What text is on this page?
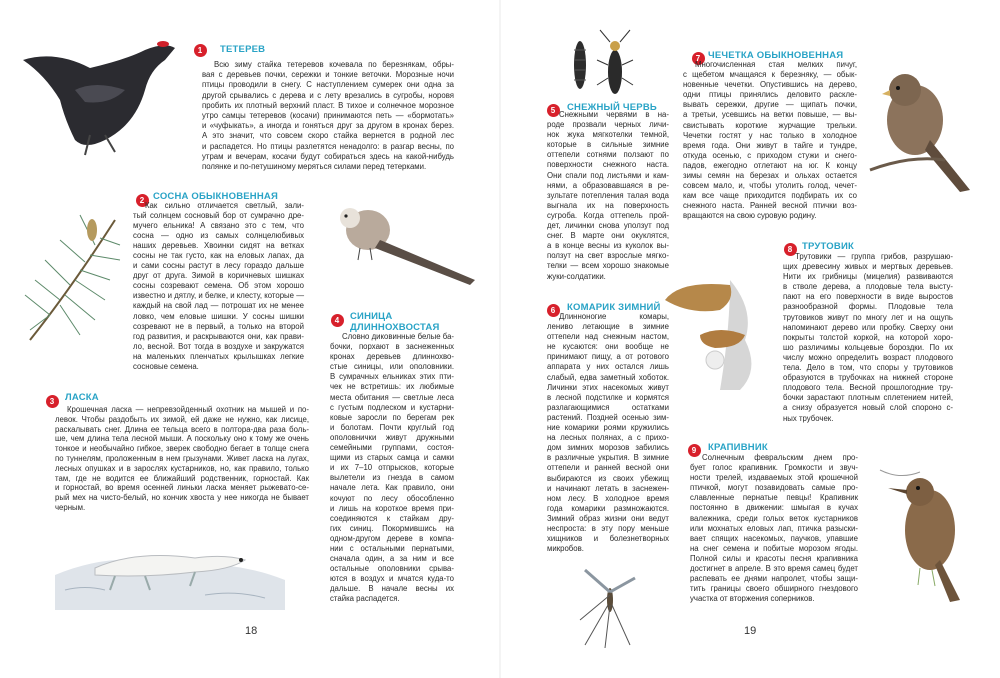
1	ТЕТЕРЕВ
Всю зиму стайка тетеревов кочевала по березнякам, обры-
вая с деревьев почки, сережки и тонкие веточки. Морозные ночи
птицы проводили в снегу. С наступлением сумерек они одна за
другой срывались с дерева и с лету врезались в сугробы, норовя
пробить их плотный верхний пласт. В тихое и солнечное морозное
утро самцы тетеревов (косачи) принимаются петь — «бормотать»
и «чуфыкать», а иногда и гоняться друг за другом в кронах берез.
А это значит, что совсем скоро стайка вернется в родной лес
и распадется. Но птицы разлетятся ненадолго: в разгар весны, по
утрам и вечерам, косачи будут собираться здесь на какой-нибудь
полянке и по-петушиному меряться силами перед тетерками.
2 СОСНА ОБЫКНОВЕННАЯ
Как сильно отличается светлый, зали-
тый солнцем сосновый бор от сумрачно дре-
мучего ельника! А связано это с тем, что
сосна — одно из самых солнцелюбивых
наших деревьев. Хвоинки сидят на ветках
сосны не так густо, как на еловых лапах, да
и сами сосны растут в лесу гораздо дальше
друг от друга. Зимой в коричневых шишках
сосны созревают семена. Об этом хорошо
известно и дятлу, и белке, и клесту, которые —
каждый на свой лад — потрошат их не менее
ловко, чем еловые шишки. У сосны шишки
созревают не в первый, а только на второй
год развития, и раскрываются они, как прави-
ло, весной. Вот тогда в воздухе и закружатся
на маленьких пленчатых крылышках легкие
сосновые семена.
3	ЛАСКА
Крошечная ласка — непревзойденный охотник на мышей и по-
левок. Чтобы раздобыть их зимой, ей даже не нужно, как лисице,
раскалывать снег. Длина ее тельца всего в полтора-два раза боль-
ше, чем длина тела лесной мыши. А поскольку оно к тому же очень
тонкое и необычайно гибкое, зверек свободно бегает в толще снега
по туннелям, проложенным в нем грызунами. Живет ласка на лугах,
лесных опушках и в зарослях кустарников, но, как правило, только
там, где не водится ее ближайший родственник, горностай. Как
и горностай, во время осенней линьки ласка меняет рыжевато-се-
рый мех на чисто-белый, но кончик хвоста у нее никогда не бывает
черным.
4	СИНИЦА
ДЛИННОХВОСТАЯ
Словно диковинные белые ба-
бочки, порхают в заснеженных
кронах деревьев длиннохво-
стые синицы, или ополовники.
В сумрачных ельниках этих пти-
чек не встретишь: их любимые
места обитания — светлые леса
с густым подлеском и кустарни-
ковые заросли по берегам рек
и болотам. Почти круглый год
ополовнички живут дружными
семейными группами, состоя-
щими из старых самца и самки
и их 7–10 отпрысков, которые
вылетели из гнезда в самом
начале лета. Как правило, они
кочуют по лесу обособленно
и лишь на короткое время при-
соединяются к стайкам дру-
гих синиц. Покормившись на
одном-другом дереве в компа-
нии с остальными пернатыми,
сначала один, а за ним и все
остальные ополовники срыва-
ются в воздух и мчатся куда-то
дальше. В начале весны их
стайка распадется.
5	СНЕЖНЫЙ ЧЕРВЬ
Снежными червями в на-
роде прозвали черных личи-
нок жука мягкотелки темной,
которые в сильные зимние
оттепели сотнями ползают по
поверхности снежного наста.
Они спали под листьями и кам-
нями, а образовавшаяся в ре-
зультате потепления талая вода
выгнала их на поверхность
сугроба. Когда оттепель прой-
дет, личинки снова уползут под
снег. В марте они окуклятся,
а в конце весны из куколок вы-
ползут на свет взрослые мягко-
телки — всем хорошо знакомые
жуки-солдатики.
6	КОМАРИК ЗИМНИЙ
Длинноногие комары,
лениво летающие в зимние
оттепели над снежным настом,
не кусаются: они вообще не
принимают пищу, а от ротового
аппарата у них остался лишь
слабый, едва заметный хоботок.
Личинки этих насекомых живут
в лесной подстилке и кормятся
разлагающимися остатками
растений. Поздней осенью зим-
ние комарики роями кружились
на лесных полянах, а с прихо-
дом зимних морозов забились
в различные укрытия. В зимние
оттепели и ранней весной они
выбираются из своих убежищ
и начинают летать в заснежен-
ном лесу. В холодное время
года комарики размножаются.
Зимний образ жизни они ведут
неспроста: в эту пору меньше
хищников и болезнетворных
микробов.
7 ЧЕЧЕТКА ОБЫКНОВЕННАЯ
Многочисленная стая мелких пичуг,
с щебетом мчащаяся к березняку, — обык-
новенные чечетки. Опустившись на дерево,
одни птицы принялись деловито раскле-
вывать сережки, другие — щипать почки,
а третьи, усевшись на ветки повыше, — вы-
свистывать короткие журчащие трельки.
Чечетки гостят у нас только в холодное
время года. Они живут в тайге и тундре,
откуда осенью, с приходом стужи и снего-
падов, ежегодно отлетают на юг. К концу
зимы семян на березах и ольхах остается
совсем мало, и, чтобы утолить голод, чечет-
кам все чаще приходится подбирать их со
снежного наста. Ранней весной птички воз-
вращаются на свою суровую родину.
8	ТРУТОВИК
Трутовики — группа грибов, разрушаю-
щих древесину живых и мертвых деревьев.
Нити их грибницы (мицелия) развиваются
в стволе дерева, а плодовые тела высту-
пают на его поверхности в виде выростов
разнообразной формы. Плодовые тела
трутовиков живут по многу лет и на ощупь
напоминают дерево или пробку. Сверху они
покрыты толстой коркой, на которой хоро-
шо различимы кольцевые бороздки. По их
числу можно определить возраст плодового
тела. Дело в том, что споры у трутовиков
образуются в трубочках на нижней стороне
плодового тела. Весной прошлогодние тру-
бочки зарастают плотным сплетением нитей,
а снизу образуется новый слой спороно с-
ных трубочек.
9	КРАПИВНИК
Солнечным февральским днем про-
бует голос крапивник. Громкости и звуч-
ности трелей, издаваемых этой крошечной
птичкой, могут позавидовать самые про-
славленные пернатые певцы! Крапивник
постоянно в движении: шмыгая в кучах
валежника, среди голых веток кустарников
или мохнатых еловых лап, птичка разыски-
вает спящих насекомых, паучков, упавшие
на снег семена и побитые морозом ягоды.
Полной силы и красоты песня крапивника
достигнет в апреле. В это время самец будет
распевать ее днями напролет, чтобы защи-
тить границы своего обширного гнездового
участка от вторжения соперников.
18	19
